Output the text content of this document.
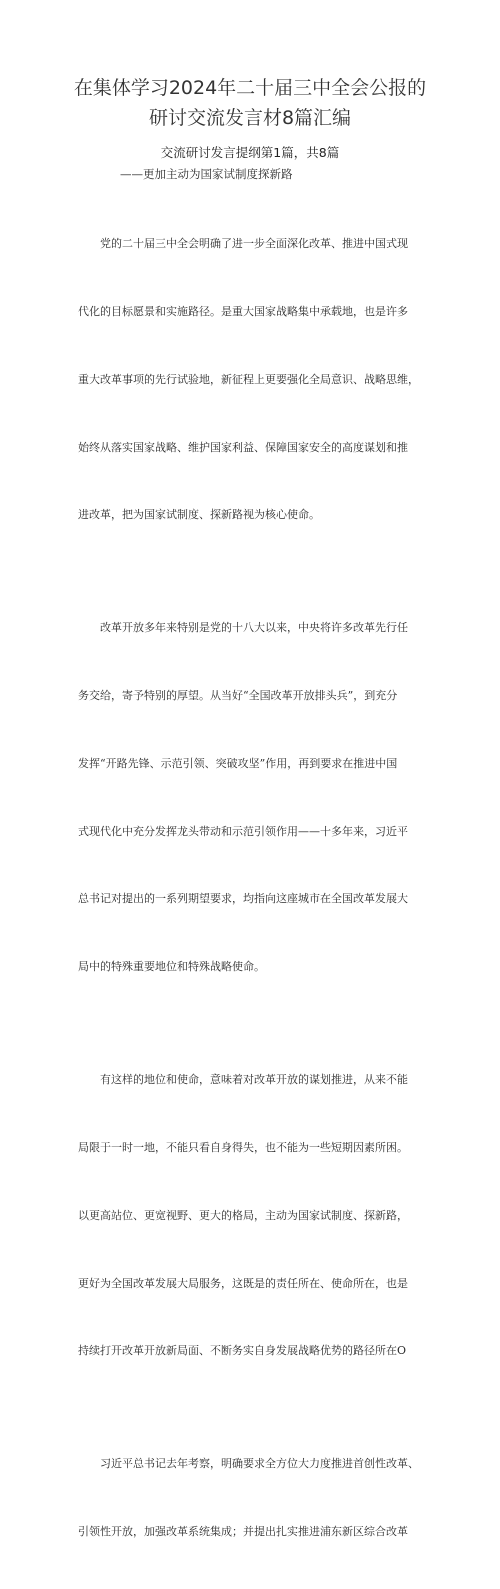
在集体学习2024年二十届三中全会公报的
研讨交流发言材8篇汇编
交流研讨发言提纲第1篇，共8篇
——更加主动为国家试制度探新路

党的二十届三中全会明确了进一步全面深化改革、推进中国式现

代化的目标愿景和实施路径。是重大国家战略集中承载地，也是许多

重大改革事项的先行试验地，新征程上更要强化全局意识、战略思维，

始终从落实国家战略、维护国家利益、保障国家安全的高度谋划和推

进改革，把为国家试制度、探新路视为核心使命。

改革开放多年来特别是党的十八大以来，中央将许多改革先行任

务交给，寄予特别的厚望。从当好“全国改革开放排头兵”，到充分

发挥“开路先锋、示范引领、突破攻坚”作用，再到要求在推进中国

式现代化中充分发挥龙头带动和示范引领作用——十多年来，习近平

总书记对提出的一系列期望要求，均指向这座城市在全国改革发展大

局中的特殊重要地位和特殊战略使命。

有这样的地位和使命，意味着对改革开放的谋划推进，从来不能

局限于一时一地，不能只看自身得失，也不能为一些短期因素所困。

以更高站位、更宽视野、更大的格局，主动为国家试制度、探新路，

更好为全国改革发展大局服务，这既是的责任所在、使命所在，也是

持续打开改革开放新局面、不断务实自身发展战略优势的路径所在O

习近平总书记去年考察，明确要求全方位大力度推进首创性改革、

引领性开放，加强改革系统集成；并提出扎实推进浦东新区综合改革
